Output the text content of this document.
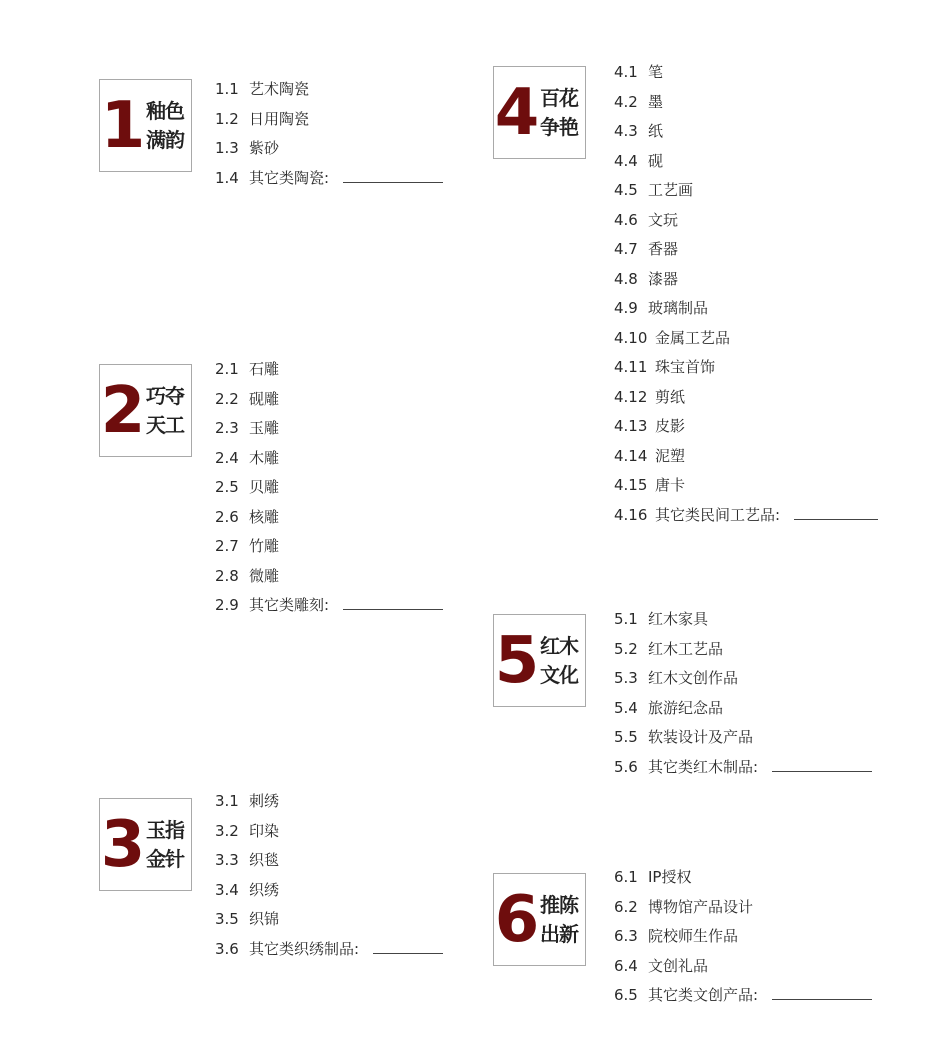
1 釉色
满韵
1.1 艺术陶瓷
1.2 日用陶瓷
1.3 紫砂
1.4 其它类陶瓷:
2 巧夺
天工
2.1 石雕
2.2 砚雕
2.3 玉雕
2.4 木雕
2.5 贝雕
2.6 核雕
2.7 竹雕
2.8 微雕
2.9 其它类雕刻:
3 玉指
金针
3.1 刺绣
3.2 印染
3.3 织毯
3.4 织绣
3.5 织锦
3.6 其它类织绣制品:
4 百花
争艳
4.1 笔
4.2 墨
4.3 纸
4.4 砚
4.5 工艺画
4.6 文玩
4.7 香器
4.8 漆器
4.9 玻璃制品
4.10 金属工艺品
4.11 珠宝首饰
4.12 剪纸
4.13 皮影
4.14 泥塑
4.15 唐卡
4.16 其它类民间工艺品:
5 红木
文化
5.1 红木家具
5.2 红木工艺品
5.3 红木文创作品
5.4 旅游纪念品
5.5 软装设计及产品
5.6 其它类红木制品:
6 推陈
出新
6.1 IP授权
6.2 博物馆产品设计
6.3 院校师生作品
6.4 文创礼品
6.5 其它类文创产品:
